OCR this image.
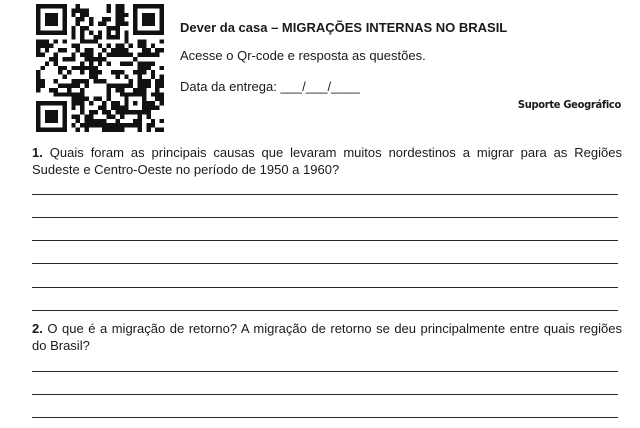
Dever da casa – MIGRAÇÕES INTERNAS NO BRASIL
Acesse o Qr-code e resposta as questões.
Data da entrega: ___/___/____
Suporte Geográfico
1. Quais foram as principais causas que levaram muitos nordestinos a migrar para as Regiões Sudeste e Centro-Oeste no período de 1950 a 1960?
2. O que é a migração de retorno? A migração de retorno se deu principalmente entre quais regiões do Brasil?
